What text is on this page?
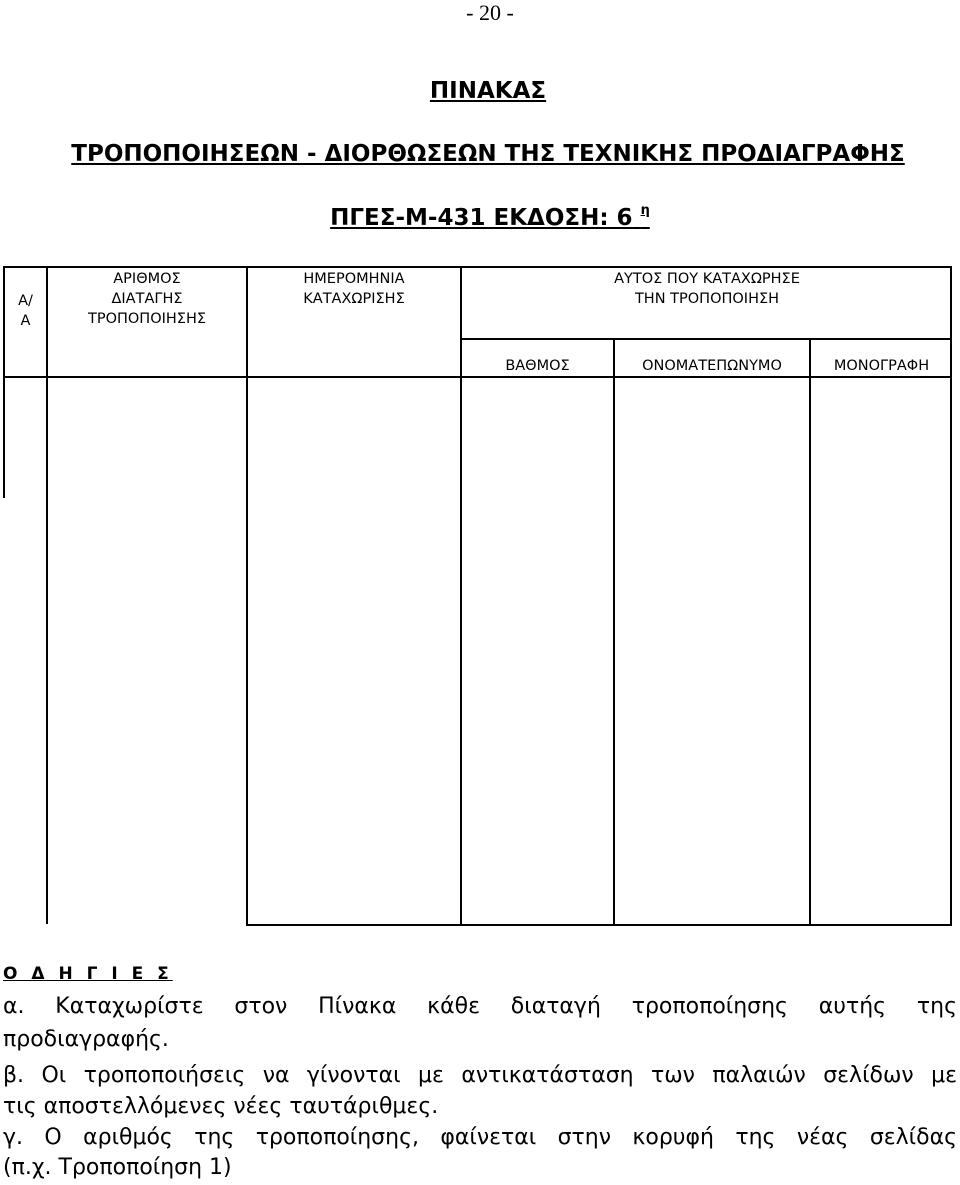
- 20 -
ΠΙΝΑΚΑΣ
ΤΡΟΠΟΠΟΙΗΣΕΩΝ - ΔΙΟΡΘΩΣΕΩΝ ΤΗΣ ΤΕΧΝΙΚΗΣ ΠΡΟΔΙΑΓΡΑΦΗΣ
ΠΓΕΣ-Μ-431 ΕΚΔΟΣΗ: 6 $^\eta$
Α/
Α
ΑΡΙΘΜΟΣ
ΔΙΑΤΑΓΗΣ
ΤΡΟΠΟΠΟΙΗΣΗΣ
ΗΜΕΡΟΜΗΝΙΑ
ΚΑΤΑΧΩΡΙΣΗΣ
ΑΥΤΟΣ ΠΟΥ ΚΑΤΑΧΩΡΗΣΕ
ΤΗΝ ΤΡΟΠΟΠΟΙΗΣΗ
ΒΑΘΜΟΣ	ΟΝΟΜΑΤΕΠΩΝΥΜΟ	ΜΟΝΟΓΡΑΦΗ
Ο Δ Η Γ Ι Ε Σ
α. Καταχωρίστε στον Πίνακα κάθε διαταγή τροποποίησης αυτής της
προδιαγραφής.
β. Οι τροποποιήσεις να γίνονται με αντικατάσταση των παλαιών σελίδων με
τις αποστελλόμενες νέες ταυτάριθμες.
γ. Ο αριθμός της τροποποίησης, φαίνεται στην κορυφή της νέας σελίδας
(π.χ. Τροποποίηση 1)
